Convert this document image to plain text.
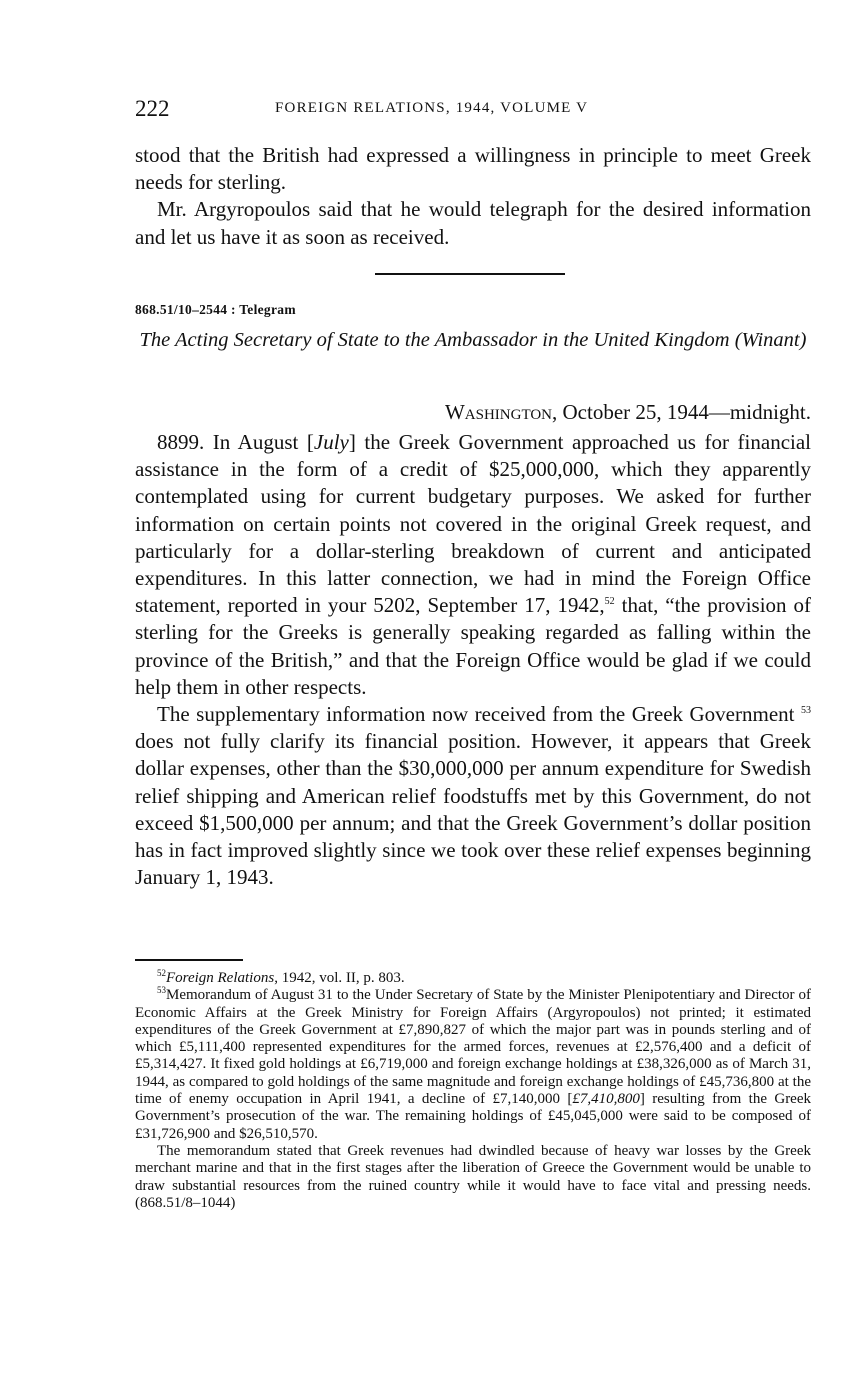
222	FOREIGN RELATIONS, 1944, VOLUME V

stood that the British had expressed a willingness in principle to meet Greek needs for sterling.

Mr. Argyropoulos said that he would telegraph for the desired information and let us have it as soon as received.

868.51/10–2544 : Telegram
The Acting Secretary of State to the Ambassador in the United Kingdom (Winant)
Washington, October 25, 1944—midnight.

8899. In August [July] the Greek Government approached us for financial assistance in the form of a credit of $25,000,000, which they apparently contemplated using for current budgetary purposes. We asked for further information on certain points not covered in the original Greek request, and particularly for a dollar-sterling breakdown of current and anticipated expenditures. In this latter connection, we had in mind the Foreign Office statement, reported in your 5202, September 17, 1942,52 that, “the provision of sterling for the Greeks is generally speaking regarded as falling within the province of the British,” and that the Foreign Office would be glad if we could help them in other respects.

The supplementary information now received from the Greek Government $^{53}$ does not fully clarify its financial position. However, it appears that Greek dollar expenses, other than the $30,000,000 per annum expenditure for Swedish relief shipping and American relief foodstuffs met by this Government, do not exceed $1,500,000 per annum; and that the Greek Government’s dollar position has in fact improved slightly since we took over these relief expenses beginning January 1, 1943.

$^{52}$Foreign Relations, 1942, vol. II, p. 803.

$^{53}$Memorandum of August 31 to the Under Secretary of State by the Minister Plenipotentiary and Director of Economic Affairs at the Greek Ministry for Foreign Affairs (Argyropoulos) not printed; it estimated expenditures of the Greek Government at £7,890,827 of which the major part was in pounds sterling and of which £5,111,400 represented expenditures for the armed forces, revenues at £2,576,400 and a deficit of £5,314,427. It fixed gold holdings at £6,719,000 and foreign exchange holdings at £38,326,000 as of March 31, 1944, as compared to gold holdings of the same magnitude and foreign exchange holdings of £45,736,800 at the time of enemy occupation in April 1941, a decline of £7,140,000 [£7,410,800] resulting from the Greek Government’s prosecution of the war. The remaining holdings of £45,045,000 were said to be composed of £31,726,900 and $26,510,570.

The memorandum stated that Greek revenues had dwindled because of heavy war losses by the Greek merchant marine and that in the first stages after the liberation of Greece the Government would be unable to draw substantial resources from the ruined country while it would have to face vital and pressing needs. (868.51/8–1044)
